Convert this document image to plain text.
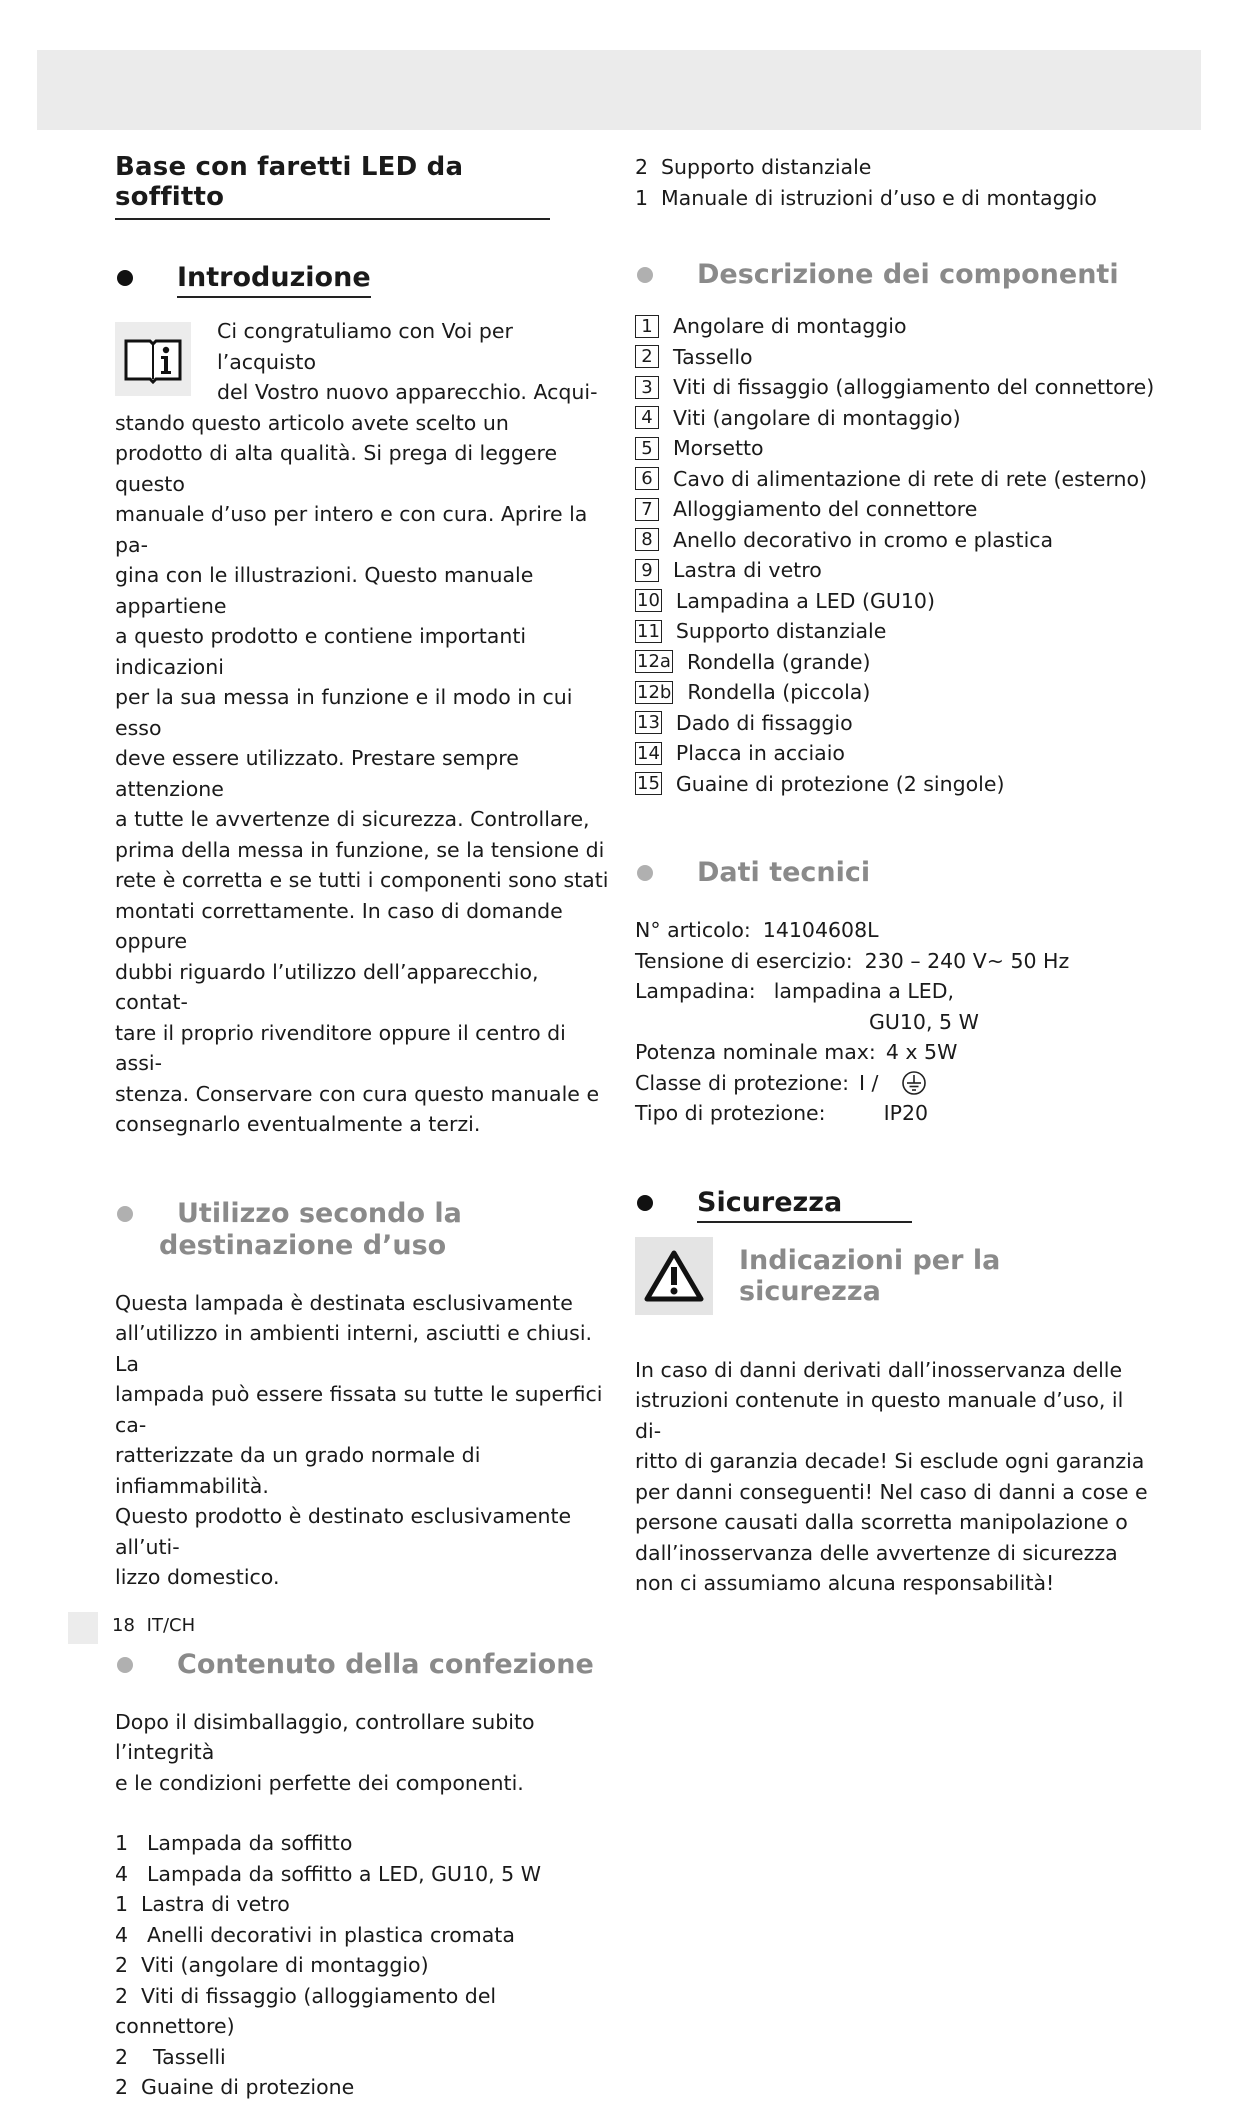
Base con faretti LED da soffitto
Introduzione

Ci congratuliamo con Voi per l’acquisto

del Vostro nuovo apparecchio. Acqui-

stando questo articolo avete scelto un

prodotto di alta qualità. Si prega di leggere questo

manuale d’uso per intero e con cura. Aprire la pa-

gina con le illustrazioni. Questo manuale appartiene

a questo prodotto e contiene importanti indicazioni

per la sua messa in funzione e il modo in cui esso

deve essere utilizzato. Prestare sempre attenzione

a tutte le avvertenze di sicurezza. Controllare,

prima della messa in funzione, se la tensione di

rete è corretta e se tutti i componenti sono stati

montati correttamente. In caso di domande oppure

dubbi riguardo l’utilizzo dell’apparecchio, contat-

tare il proprio rivenditore oppure il centro di assi-

stenza. Conservare con cura questo manuale e

consegnarlo eventualmente a terzi.

Utilizzo secondo la
destinazione d’uso

Questa lampada è destinata esclusivamente

all’utilizzo in ambienti interni, asciutti e chiusi. La

lampada può essere fissata su tutte le superfici ca-

ratterizzate da un grado normale di infiammabilità.

Questo prodotto è destinato esclusivamente all’uti-

lizzo domestico.

Contenuto della confezione

Dopo il disimballaggio, controllare subito l’integrità

e le condizioni perfette dei componenti.

1 Lampada da soffitto
4 Lampada da soffitto a LED, GU10, 5 W
1 Lastra di vetro
4 Anelli decorativi in plastica cromata
2 Viti (angolare di montaggio)
2 Viti di fissaggio (alloggiamento del connettore)
2 Tasselli
2 Guaine di protezione
2 Supporto distanziale
1 Manuale di istruzioni d’uso e di montaggio
Descrizione dei componenti
1 Angolare di montaggio
2 Tassello
3 Viti di fissaggio (alloggiamento del connettore)
4 Viti (angolare di montaggio)
5 Morsetto
6 Cavo di alimentazione di rete di rete (esterno)
7 Alloggiamento del connettore
8 Anello decorativo in cromo e plastica
9 Lastra di vetro
10 Lampadina a LED (GU10)
11 Supporto distanziale
12a Rondella (grande)
12b Rondella (piccola)
13 Dado di fissaggio
14 Placca in acciaio
15 Guaine di protezione (2 singole)
Dati tecnici
N° articolo: 14104608L
Tensione di esercizio: 230 – 240 V~ 50 Hz
Lampadina: lampadina a LED,
GU10, 5 W
Potenza nominale max: 4 x 5W
Classe di protezione: I /
Tipo di protezione:	IP20
Sicurezza
Indicazioni per la
sicurezza

In caso di danni derivati dall’inosservanza delle

istruzioni contenute in questo manuale d’uso, il di-

ritto di garanzia decade! Si esclude ogni garanzia

per danni conseguenti! Nel caso di danni a cose e

persone causati dalla scorretta manipolazione o

dall’inosservanza delle avvertenze di sicurezza

non ci assumiamo alcuna responsabilità!

18 IT/CH
